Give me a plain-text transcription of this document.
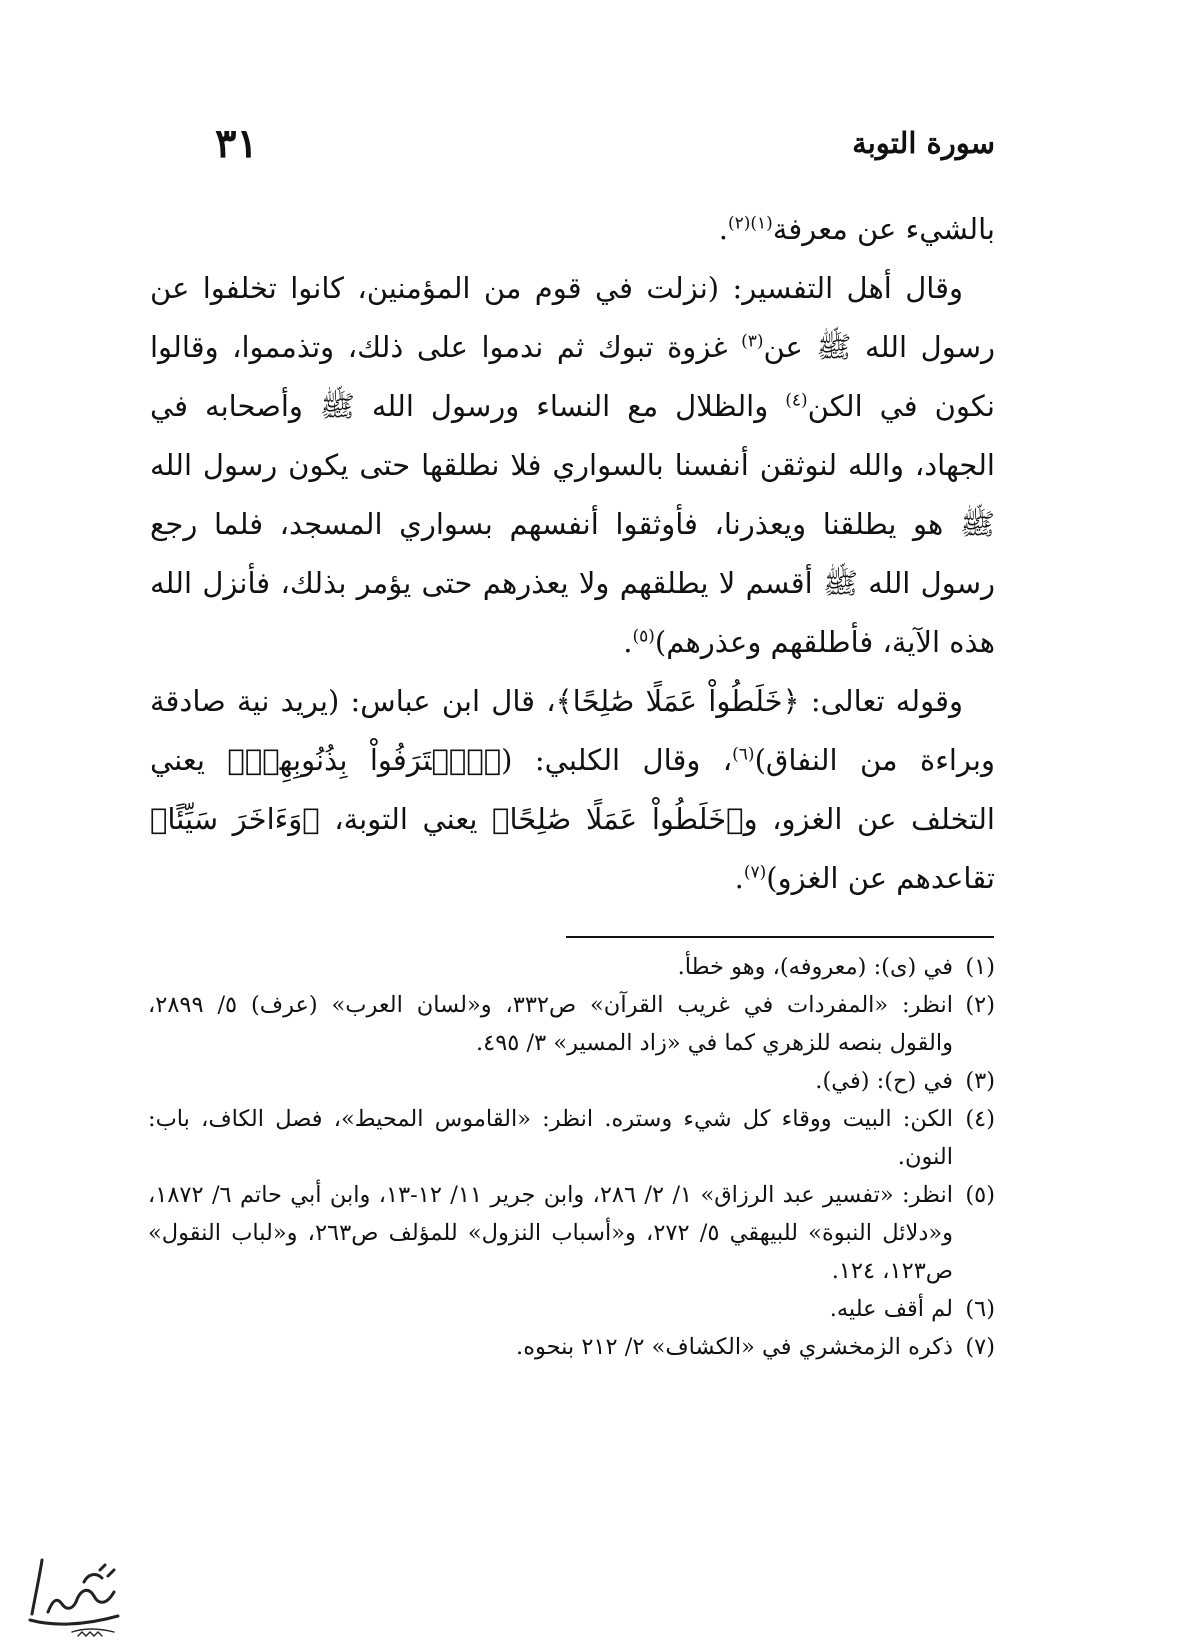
سورة التوبة
٣١

بالشيء عن معرفة$^{(١)(٢)}$.

وقال أهل التفسير: (نزلت في قوم من المؤمنين، كانوا تخلفوا عن رسول الله ﷺ عن$^{(٣)}$ غزوة تبوك ثم ندموا على ذلك، وتذمموا، وقالوا نكون في الكن$^{(٤)}$ والظلال مع النساء ورسول الله ﷺ وأصحابه في الجهاد، والله لنوثقن أنفسنا بالسواري فلا نطلقها حتى يكون رسول الله ﷺ هو يطلقنا ويعذرنا، فأوثقوا أنفسهم بسواري المسجد، فلما رجع رسول الله ﷺ أقسم لا يطلقهم ولا يعذرهم حتى يؤمر بذلك، فأنزل الله هذه الآية، فأطلقهم وعذرهم)$^{(٥)}$.

وقوله تعالى: ﴿خَلَطُواْ عَمَلًا صَٰلِحًا﴾، قال ابن عباس: (يريد نية صادقة وبراءة من النفاق)$^{(٦)}$، وقال الكلبي: (﴿ٱعۡتَرَفُواْ بِذُنُوبِهِمۡ﴾ يعني التخلف عن الغزو، و﴿خَلَطُواْ عَمَلًا صَٰلِحًا﴾ يعني التوبة، ﴿وَءَاخَرَ سَيِّئًا﴾ تقاعدهم عن الغزو)$^{(٧)}$.

(١)
في (ى): (معروفه)، وهو خطأ.
(٢)
انظر: «المفردات في غريب القرآن» ص٣٣٢، و«لسان العرب» (عرف) ٥/ ٢٨٩٩، والقول بنصه للزهري كما في «زاد المسير» ٣/ ٤٩٥.
(٣)
في (ح): (في).
(٤)
الكن: البيت ووقاء كل شيء وستره. انظر: «القاموس المحيط»، فصل الكاف، باب: النون.
(٥)
انظر: «تفسير عبد الرزاق» ١/ ٢/ ٢٨٦، وابن جرير ١١/ ١٢-١٣، وابن أبي حاتم ٦/ ١٨٧٢، و«دلائل النبوة» للبيهقي ٥/ ٢٧٢، و«أسباب النزول» للمؤلف ص٢٦٣، و«لباب النقول» ص١٢٣، ١٢٤.
(٦)
لم أقف عليه.
(٧)
ذكره الزمخشري في «الكشاف» ٢/ ٢١٢ بنحوه.
